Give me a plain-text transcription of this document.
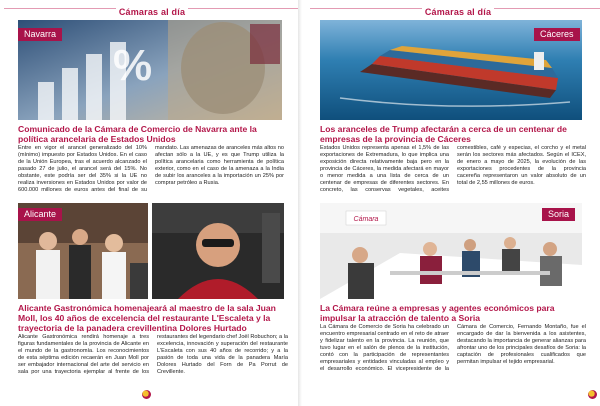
Cámaras al día
%
Navarra
Comunicado de la Cámara de Comercio de Navarra ante la política arancelaria de Estados Unidos
Entre en vigor el arancel generalizado del 10% (mínimo) impuesto por Estados Unidos. En el caso de la Unión Europea, tras el acuerdo alcanzado el pasado 27 de julio, el arancel será del 15%. No obstante, este podría ser del 35% si la UE no realiza inversiones en Estados Unidos por valor de 600.000 millones de euros antes del final de su mandato. Las amenazas de aranceles más altos no afectan sólo a la UE, y es que Trump utiliza la política arancelaria como herramienta de política exterior, como en el caso de la amenaza a la India de subir los aranceles a la importación un 25% por comprar petróleo a Rusia.
Alicante
Alicante Gastronómica homenajeará al maestro de la sala Juan Moll, los 40 años de excelencia del restaurante L'Escaleta y la trayectoria de la panadera crevillentina Dolores Hurtado
Alicante Gastronómica rendirá homenaje a tres figuras fundamentales de la provincia de Alicante en el mundo de la gastronomía. Los reconocimientos de esta séptima edición recaerán en Juan Moll por ser embajador internacional del arte del servicio en sala por una trayectoria ejemplar al frente de los restaurantes del legendario chef Joël Robuchon; a la excelencia, innovación y superación del restaurante L'Escaleta con sus 40 años de recorrido; y a la pasión de toda una vida de la panadera María Dolores Hurtado del Forn de Pa Porrut de Crevillente.
Cámaras al día
Cáceres
Los aranceles de Trump afectarán a cerca de un centenar de empresas de la provincia de Cáceres
Estados Unidos representa apenas el 1,5% de las exportaciones de Extremadura, lo que implica una exposición directa relativamente baja pero en la provincia de Cáceres, la medida afectará en mayor o menor medida a una lista de cerca de un centenar de empresas de diferentes sectores. En concreto, las conservas vegetales, aceites comestibles, café y especias, el corcho y el metal serán los sectores más afectados. Según el ICEX, de enero a mayo de 2025, la evolución de las exportaciones procedentes de la provincia cacereña representaron un valor absoluto de un total de 2,55 millones de euros.
Cámara
Soria
La Cámara reúne a empresas y agentes económicos para impulsar la atracción de talento a Soria
La Cámara de Comercio de Soria ha celebrado un encuentro empresarial centrado en el reto de atraer y fidelizar talento en la provincia. La reunión, que tuvo lugar en el salón de plenos de la institución, contó con la participación de representantes empresariales y entidades vinculadas al empleo y el desarrollo económico. El vicepresidente de la Cámara de Comercio, Fernando Montaño, fue el encargado de dar la bienvenida a los asistentes, destacando la importancia de generar alianzas para afrontar uno de los principales desafíos de Soria: la captación de profesionales cualificados que permitan impulsar el tejido empresarial.
